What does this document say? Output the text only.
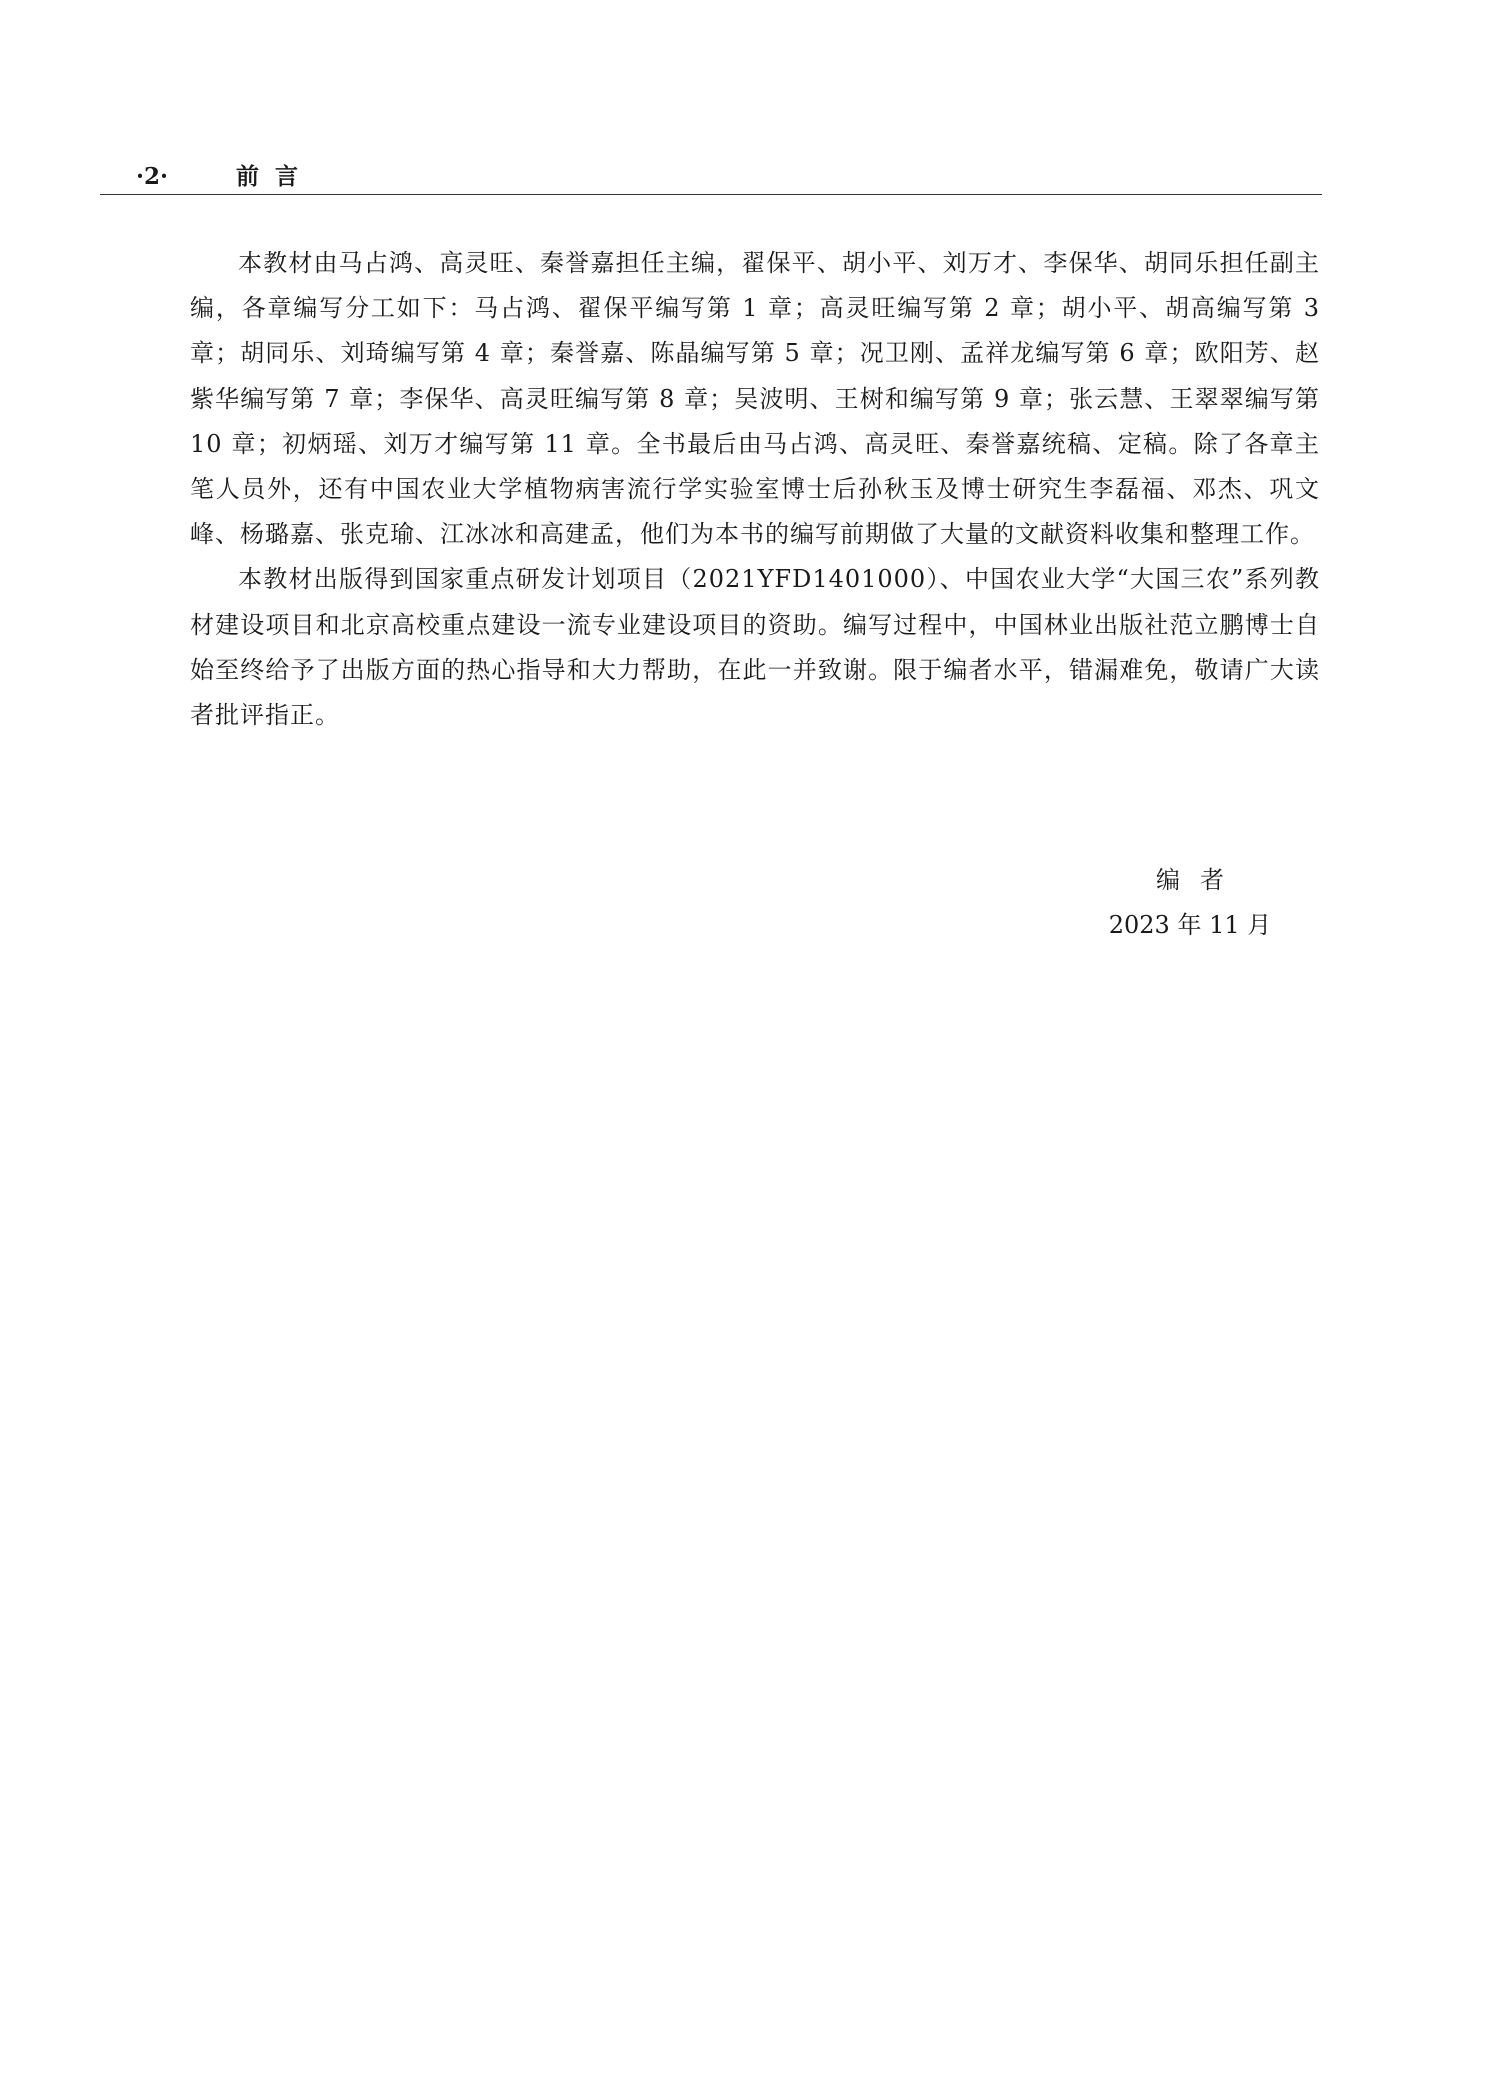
·2·	前言

本教材由马占鸿、高灵旺、秦誉嘉担任主编，翟保平、胡小平、刘万才、李保华、胡同乐担任副主编，各章编写分工如下：马占鸿、翟保平编写第 1 章；高灵旺编写第 2 章；胡小平、胡高编写第 3 章；胡同乐、刘琦编写第 4 章；秦誉嘉、陈晶编写第 5 章；况卫刚、孟祥龙编写第 6 章；欧阳芳、赵紫华编写第 7 章；李保华、高灵旺编写第 8 章；吴波明、王树和编写第 9 章；张云慧、王翠翠编写第 10 章；初炳瑶、刘万才编写第 11 章。全书最后由马占鸿、高灵旺、秦誉嘉统稿、定稿。除了各章主笔人员外，还有中国农业大学植物病害流行学实验室博士后孙秋玉及博士研究生李磊福、邓杰、巩文峰、杨璐嘉、张克瑜、江冰冰和高建孟，他们为本书的编写前期做了大量的文献资料收集和整理工作。

本教材出版得到国家重点研发计划项目（2021YFD1401000）、中国农业大学“大国三农”系列教材建设项目和北京高校重点建设一流专业建设项目的资助。编写过程中，中国林业出版社范立鹏博士自始至终给予了出版方面的热心指导和大力帮助，在此一并致谢。限于编者水平，错漏难免，敬请广大读者批评指正。

编者
2023 年 11 月
